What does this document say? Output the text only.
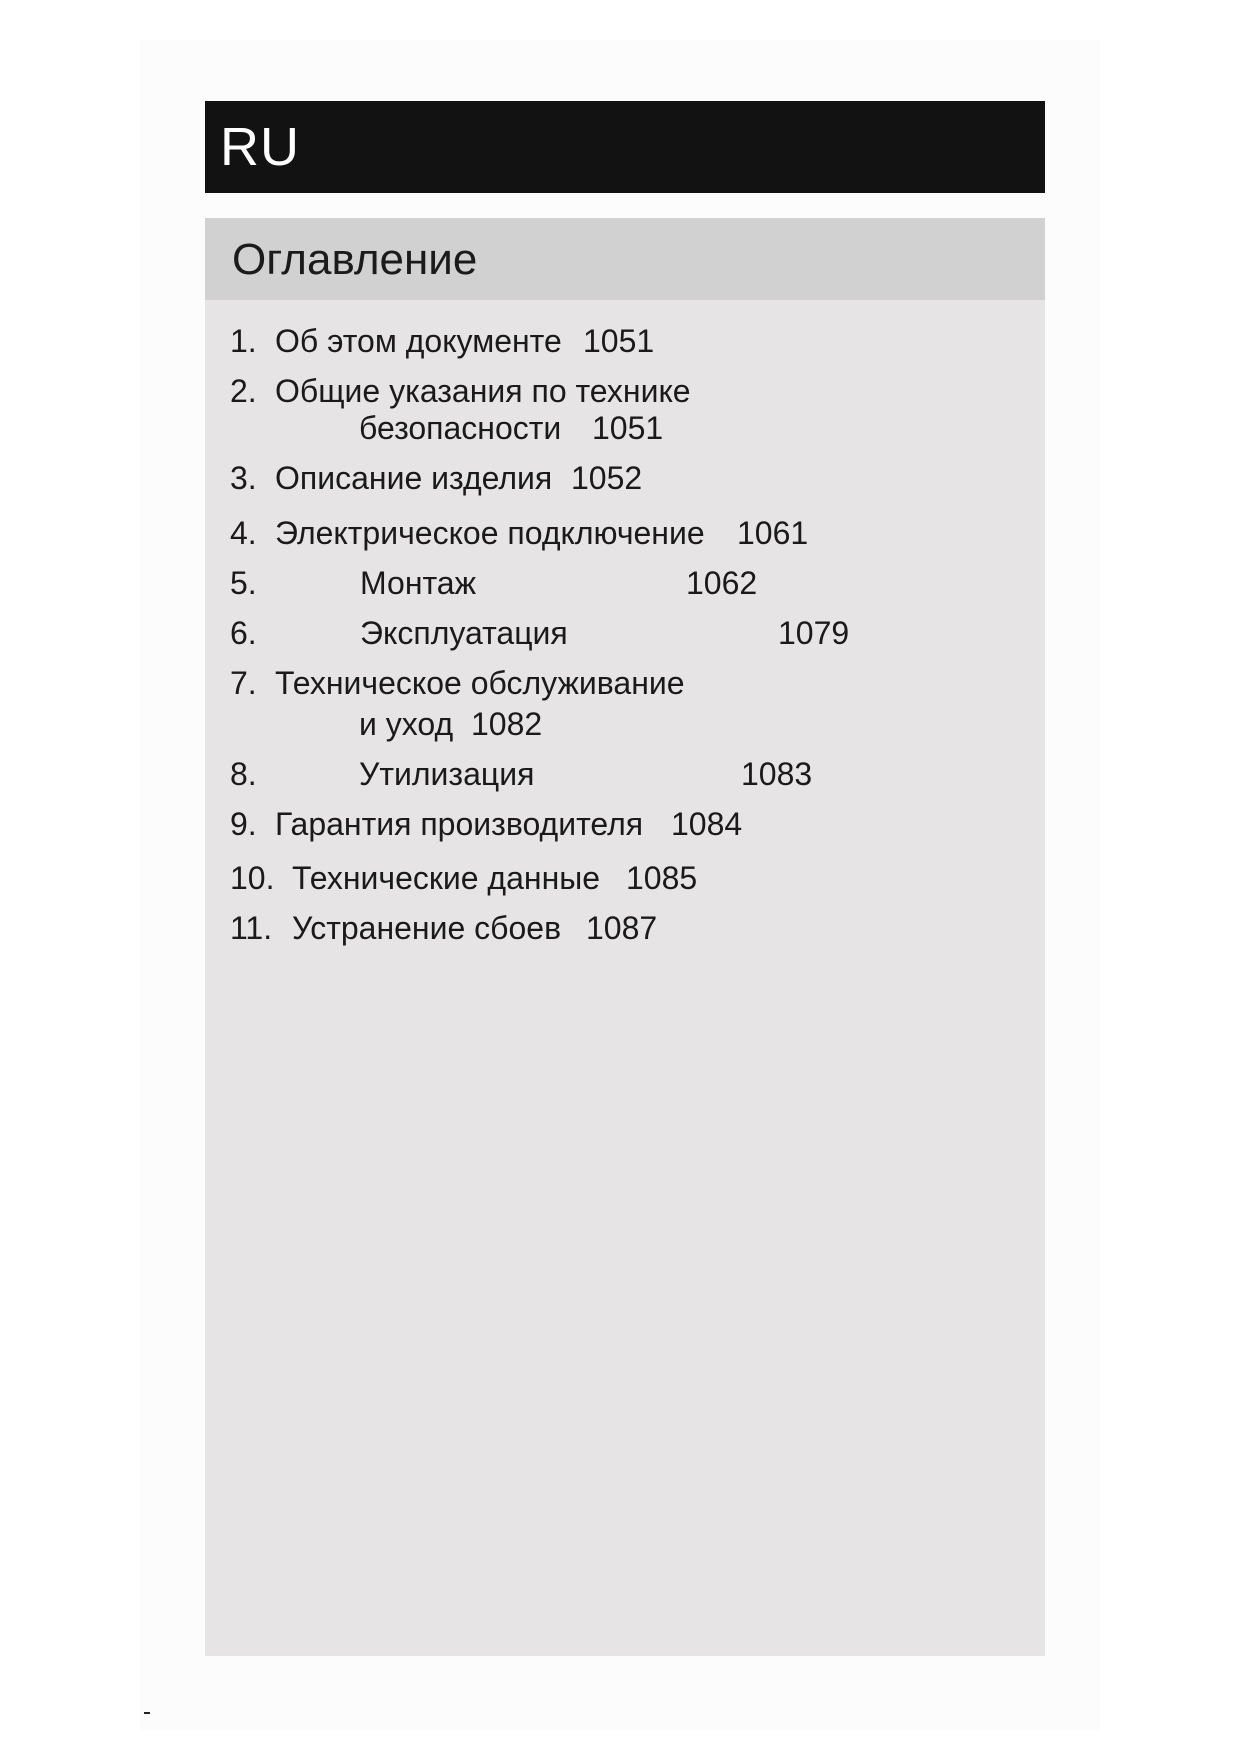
RU
Оглавление
1. Об этом документе 1051
2. Общие указания по технике
безопасности 1051
3. Описание изделия 1052
4. Электрическое подключение 1061
5.	Монтаж	1062
6.	Эксплуатация	1079
7. Техническое обслуживание
и уход 1082
8.	Утилизация	1083
9. Гарантия производителя 1084
10. Технические данные 1085
11. Устранение сбоев 1087
